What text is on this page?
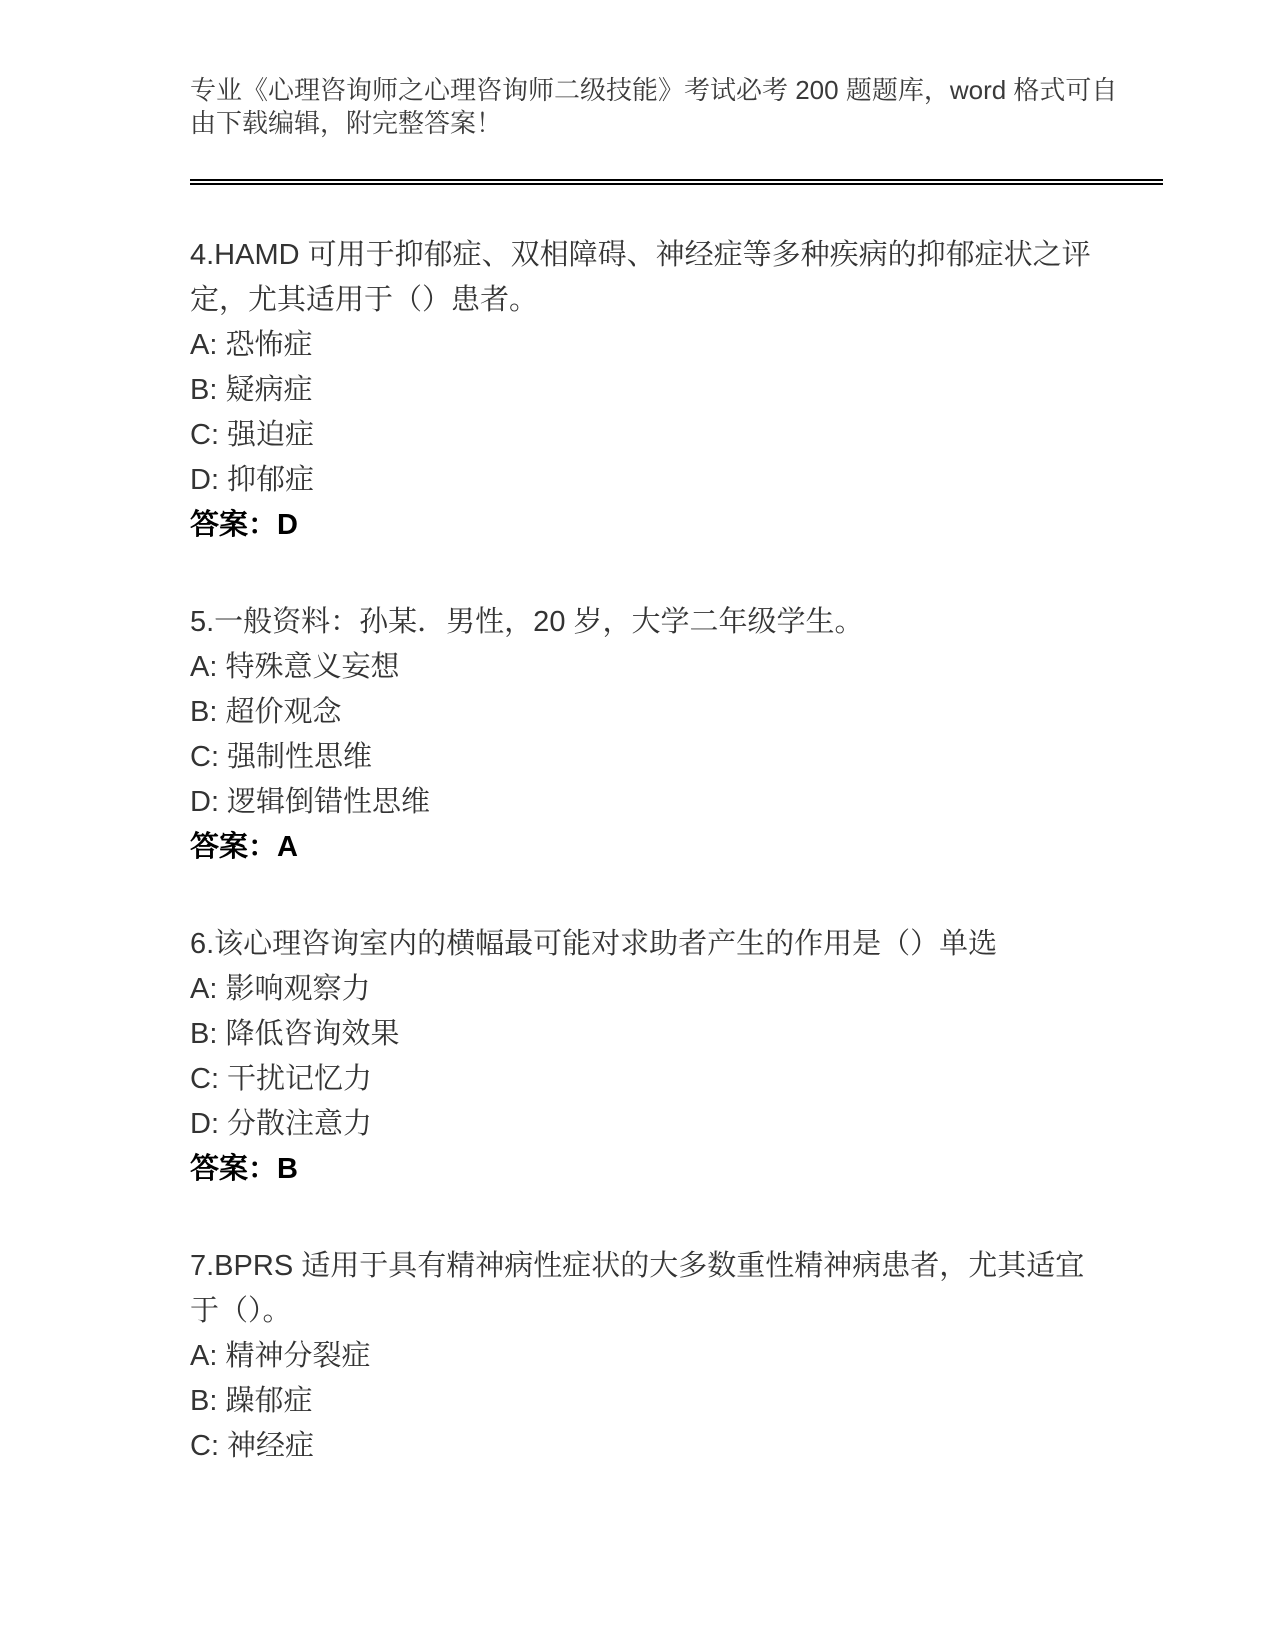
专业《心理咨询师之心理咨询师二级技能》考试必考 200 题题库，word 格式可自
由下载编辑，附完整答案！
4.HAMD 可用于抑郁症、双相障碍、神经症等多种疾病的抑郁症状之评
定，尤其适用于（）患者。
A: 恐怖症
B: 疑病症
C: 强迫症
D: 抑郁症
答案：D
5.一般资料：孙某．男性，20 岁，大学二年级学生。
A: 特殊意义妄想
B: 超价观念
C: 强制性思维
D: 逻辑倒错性思维
答案：A
6.该心理咨询室内的横幅最可能对求助者产生的作用是（）单选
A: 影响观察力
B: 降低咨询效果
C: 干扰记忆力
D: 分散注意力
答案：B
7.BPRS 适用于具有精神病性症状的大多数重性精神病患者，尤其适宜
于（）。
A: 精神分裂症
B: 躁郁症
C: 神经症
